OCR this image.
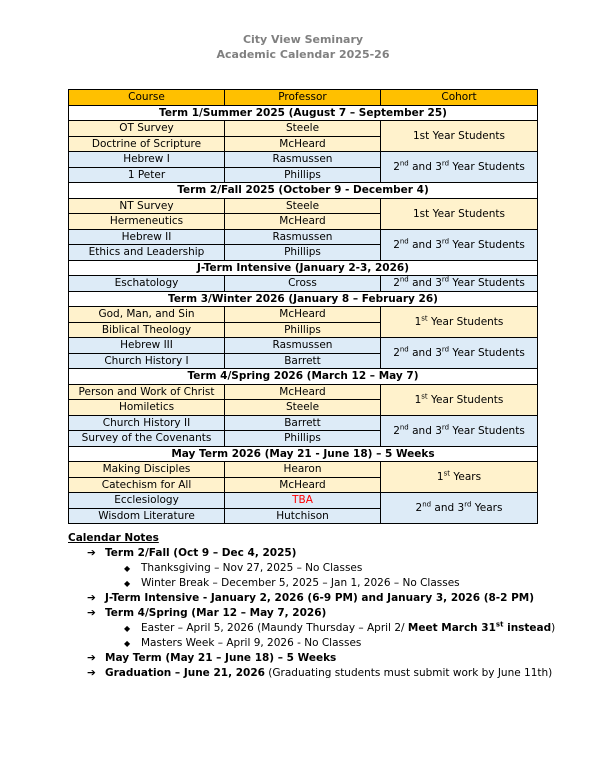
City View Seminary
Academic Calendar 2025-26
Course	Professor	Cohort
Term 1/Summer 2025 (August 7 – September 25)		
OT Survey	Steele	1st Year Students
Doctrine of Scripture	McHeard	
Hebrew I	Rasmussen	2nd and 3rd Year Students
1 Peter	Phillips	
Term 2/Fall 2025 (October 9 - December 4)		
NT Survey	Steele	1st Year Students
Hermeneutics	McHeard	
Hebrew II	Rasmussen	2nd and 3rd Year Students
Ethics and Leadership	Phillips	
J-Term Intensive (January 2-3, 2026)		
Eschatology	Cross	2nd and 3rd Year Students
Term 3/Winter 2026 (January 8 – February 26)		
God, Man, and Sin	McHeard	1st Year Students
Biblical Theology	Phillips	
Hebrew III	Rasmussen	2nd and 3rd Year Students
Church History I	Barrett	
Term 4/Spring 2026 (March 12 – May 7)		
Person and Work of Christ	McHeard	1st Year Students
Homiletics	Steele	
Church History II	Barrett	2nd and 3rd Year Students
Survey of the Covenants	Phillips	
May Term 2026 (May 21 - June 18) – 5 Weeks		
Making Disciples	Hearon	1st Years
Catechism for All	McHeard	
Ecclesiology	TBA	2nd and 3rd Years
Wisdom Literature	Hutchison	
Calendar Notes
➔ Term 2/Fall (Oct 9 – Dec 4, 2025)
◆ Thanksgiving – Nov 27, 2025 – No Classes
◆ Winter Break – December 5, 2025 – Jan 1, 2026 – No Classes
➔ J-Term Intensive - January 2, 2026 (6-9 PM) and January 3, 2026 (8-2 PM)
➔ Term 4/Spring (Mar 12 – May 7, 2026)
◆ Easter – April 5, 2026 (Maundy Thursday – April 2/ Meet March 31st instead)
◆ Masters Week – April 9, 2026 - No Classes
➔ May Term (May 21 – June 18) – 5 Weeks
➔ Graduation – June 21, 2026 (Graduating students must submit work by June 11th)
